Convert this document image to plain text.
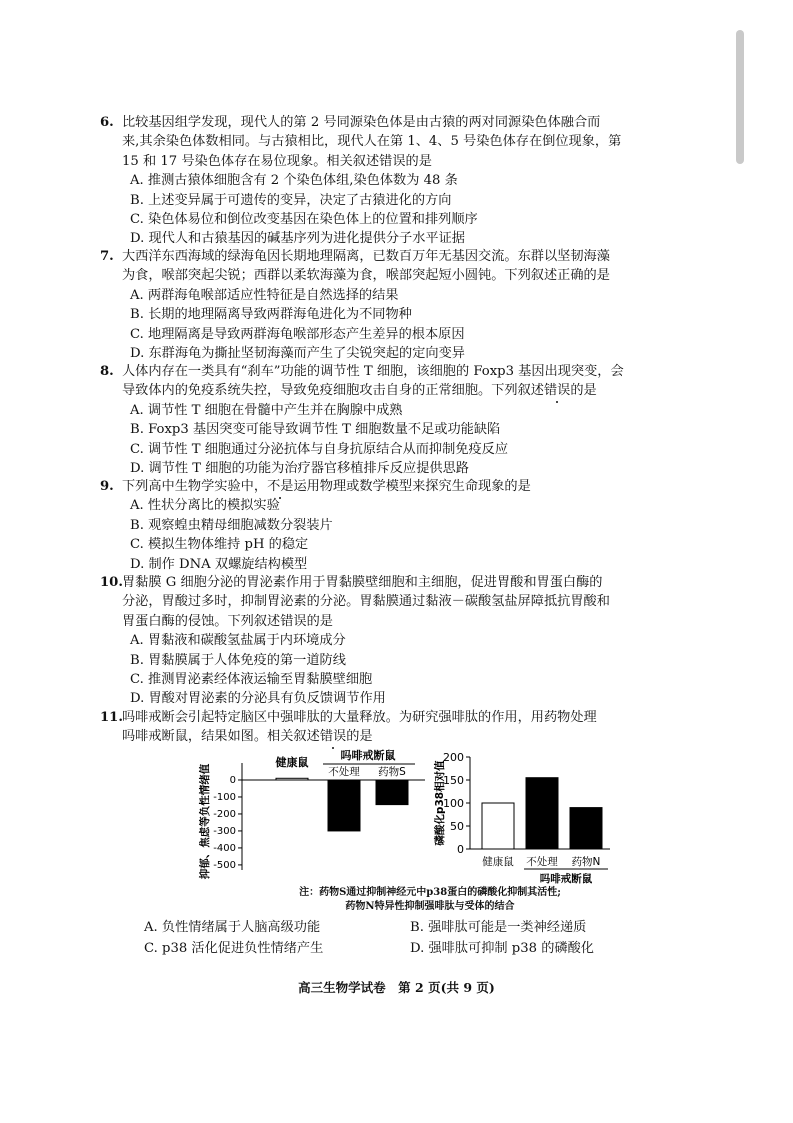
6. 比较基因组学发现，现代人的第 2 号同源染色体是由古猿的两对同源染色体融合而

来,其余染色体数相同。与古猿相比，现代人在第 1、4、5 号染色体存在倒位现象，第

15 和 17 号染色体存在易位现象。相关叙述错误的是

A. 推测古猿体细胞含有 2 个染色体组,染色体数为 48 条

B. 上述变异属于可遗传的变异，决定了古猿进化的方向

C. 染色体易位和倒位改变基因在染色体上的位置和排列顺序

D. 现代人和古猿基因的碱基序列为进化提供分子水平证据

7. 大西洋东西海域的绿海龟因长期地理隔离，已数百万年无基因交流。东群以坚韧海藻

为食，喉部突起尖锐；西群以柔软海藻为食，喉部突起短小圆钝。下列叙述正确的是

A. 两群海龟喉部适应性特征是自然选择的结果

B. 长期的地理隔离导致两群海龟进化为不同物种

C. 地理隔离是导致两群海龟喉部形态产生差异的根本原因

D. 东群海龟为撕扯坚韧海藻而产生了尖锐突起的定向变异

8. 人体内存在一类具有“刹车”功能的调节性 T 细胞，该细胞的 Foxp3 基因出现突变，会

导致体内的免疫系统失控，导致免疫细胞攻击自身的正常细胞。下列叙述错误的是

A. 调节性 T 细胞在骨髓中产生并在胸腺中成熟

B. Foxp3 基因突变可能导致调节性 T 细胞数量不足或功能缺陷

C. 调节性 T 细胞通过分泌抗体与自身抗原结合从而抑制免疫反应

D. 调节性 T 细胞的功能为治疗器官移植排斥反应提供思路

9. 下列高中生物学实验中，不是运用物理或数学模型来探究生命现象的是

A. 性状分离比的模拟实验

B. 观察蝗虫精母细胞减数分裂装片

C. 模拟生物体维持 pH 的稳定

D. 制作 DNA 双螺旋结构模型

10. 胃黏膜 G 细胞分泌的胃泌素作用于胃黏膜壁细胞和主细胞，促进胃酸和胃蛋白酶的

分泌，胃酸过多时，抑制胃泌素的分泌。胃黏膜通过黏液－碳酸氢盐屏障抵抗胃酸和

胃蛋白酶的侵蚀。下列叙述错误的是

A. 胃黏液和碳酸氢盐属于内环境成分

B. 胃黏膜属于人体免疫的第一道防线

C. 推测胃泌素经体液运输至胃黏膜壁细胞

D. 胃酸对胃泌素的分泌具有负反馈调节作用

11. 吗啡戒断会引起特定脑区中强啡肽的大量释放。为研究强啡肽的作用，用药物处理

吗啡戒断鼠，结果如图。相关叙述错误的是

0
-100
-200
-300
-400
-500
健康鼠
吗啡戒断鼠
不处理 药物S
抑郁、焦虑等负性情绪值	0
50
100
150
200
健康鼠 不处理 药物N
吗啡戒断鼠
磷酸化p38相对值
注：药物S通过抑制神经元中p38蛋白的磷酸化抑制其活性;
药物N特异性抑制强啡肽与受体的结合
A. 负性情绪属于人脑高级功能	B. 强啡肽可能是一类神经递质
C. p38 活化促进负性情绪产生	D. 强啡肽可抑制 p38 的磷酸化
高三生物学试卷　第 2 页(共 9 页)
